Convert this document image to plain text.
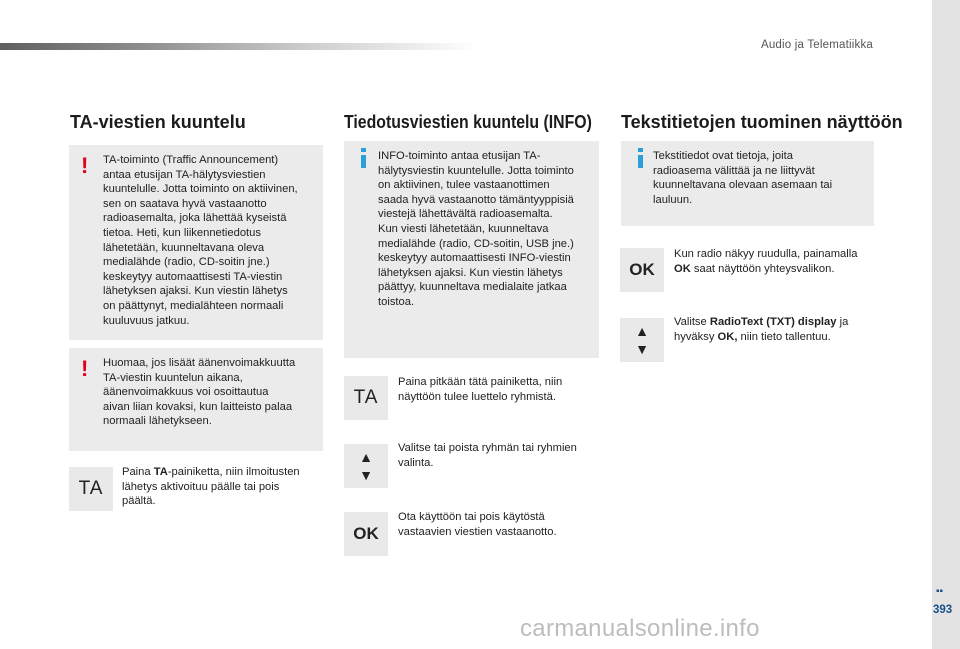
Audio ja Telematiikka
▪▪
393
TA-viestien kuuntelu
! TA-toiminto (Traffic Announcement)
antaa etusijan TA-hälytysviestien
kuuntelulle. Jotta toiminto on aktiivinen,
sen on saatava hyvä vastaanotto
radioasemalta, joka lähettää kyseistä
tietoa. Heti, kun liikennetiedotus
lähetetään, kuunneltavana oleva
medialähde (radio, CD-soitin jne.)
keskeytyy automaattisesti TA-viestin
lähetyksen ajaksi. Kun viestin lähetys
on päättynyt, medialähteen normaali
kuuluvuus jatkuu.
! Huomaa, jos lisäät äänenvoimakkuutta
TA-viestin kuuntelun aikana,
äänenvoimakkuus voi osoittautua
aivan liian kovaksi, kun laitteisto palaa
normaali lähetykseen.
TA
Paina TA-painiketta, niin ilmoitusten
lähetys aktivoituu päälle tai pois
päältä.
Tiedotusviestien kuuntelu (INFO)
INFO-toiminto antaa etusijan TA-
hälytysviestin kuuntelulle. Jotta toiminto
on aktiivinen, tulee vastaanottimen
saada hyvä vastaanotto tämäntyyppisiä
viestejä lähettävältä radioasemalta.
Kun viesti lähetetään, kuunneltava
medialähde (radio, CD-soitin, USB jne.)
keskeytyy automaattisesti INFO-viestin
lähetyksen ajaksi. Kun viestin lähetys
päättyy, kuunneltava medialaite jatkaa
toistoa.
TA
Paina pitkään tätä painiketta, niin
näyttöön tulee luettelo ryhmistä.
▲
▼
Valitse tai poista ryhmän tai ryhmien
valinta.
OK
Ota käyttöön tai pois käytöstä
vastaavien viestien vastaanotto.
Tekstitietojen tuominen näyttöön
Tekstitiedot ovat tietoja, joita
radioasema välittää ja ne liittyvät
kuunneltavana olevaan asemaan tai
lauluun.
OK
Kun radio näkyy ruudulla, painamalla
OK saat näyttöön yhteysvalikon.
▲
▼
Valitse RadioText (TXT) display ja
hyväksy OK, niin tieto tallentuu.
carmanualsonline.info
